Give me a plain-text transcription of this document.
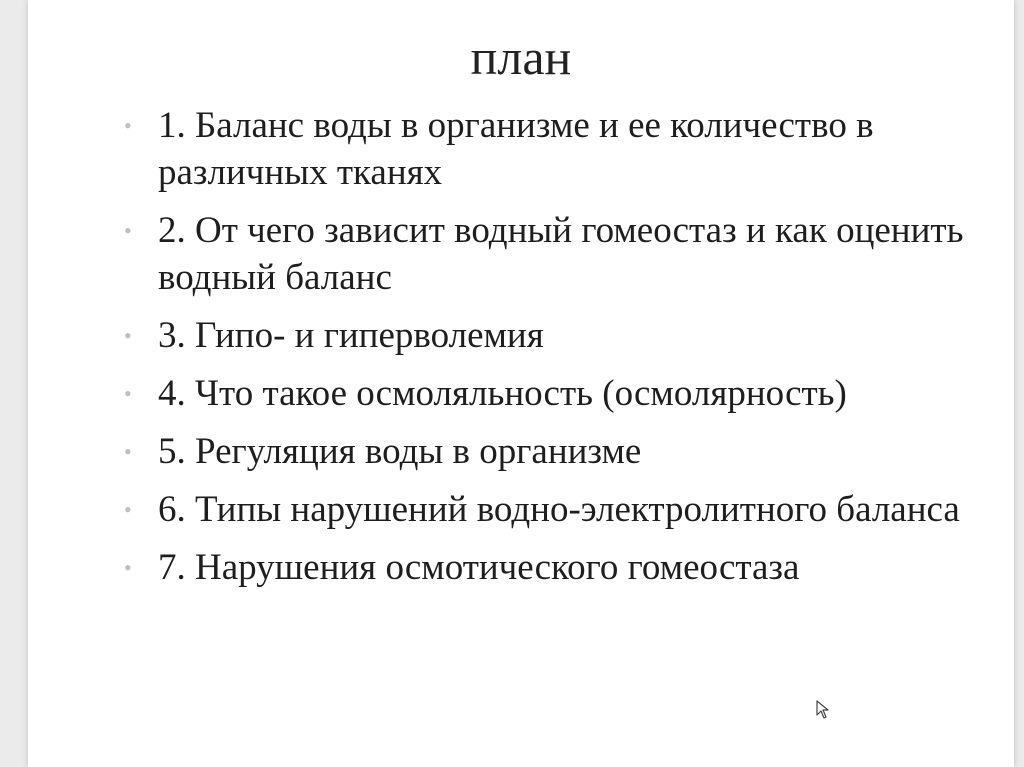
план
• 1. Баланс воды в организме и ее количество в различных тканях
• 2. От чего зависит водный гомеостаз и как оценить водный баланс
• 3. Гипо- и гиперволемия
• 4. Что такое осмоляльность (осмолярность)
• 5. Регуляция воды в организме
• 6. Типы нарушений водно-электролитного баланса
• 7. Нарушения осмотического гомеостаза
